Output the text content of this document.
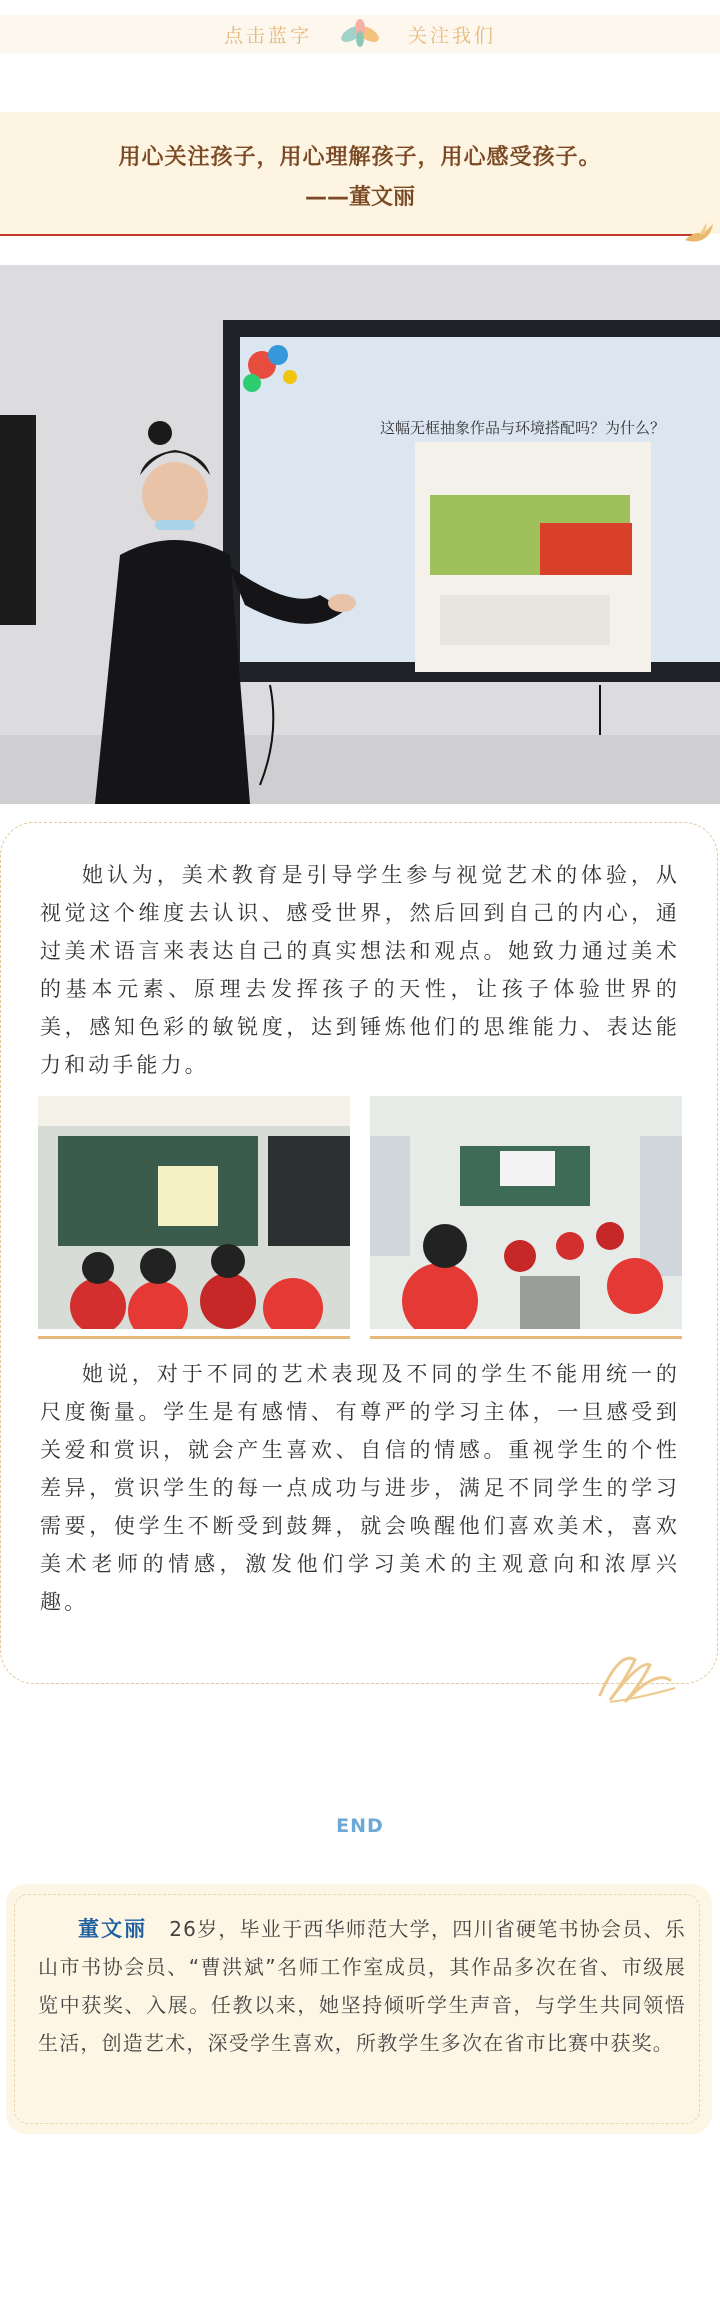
点击蓝字	关注我们
用心关注孩子，用心理解孩子，用心感受孩子。
——董文丽
这幅无框抽象作品与环境搭配吗？为什么？
她认为，美术教育是引导学生参与视觉艺术的体验，从视觉这个维度去认识、感受世界，然后回到自己的内心，通过美术语言来表达自己的真实想法和观点。她致力通过美术的基本元素、原理去发挥孩子的天性，让孩子体验世界的美，感知色彩的敏锐度，达到锤炼他们的思维能力、表达能力和动手能力。
她说，对于不同的艺术表现及不同的学生不能用统一的尺度衡量。学生是有感情、有尊严的学习主体，一旦感受到关爱和赏识，就会产生喜欢、自信的情感。重视学生的个性差异，赏识学生的每一点成功与进步，满足不同学生的学习需要，使学生不断受到鼓舞，就会唤醒他们喜欢美术，喜欢美术老师的情感，激发他们学习美术的主观意向和浓厚兴趣。
END
董文丽 26岁，毕业于西华师范大学，四川省硬笔书协会员、乐山市书协会员、“曹洪斌”名师工作室成员，其作品多次在省、市级展览中获奖、入展。任教以来，她坚持倾听学生声音，与学生共同领悟生活，创造艺术，深受学生喜欢，所教学生多次在省市比赛中获奖。
